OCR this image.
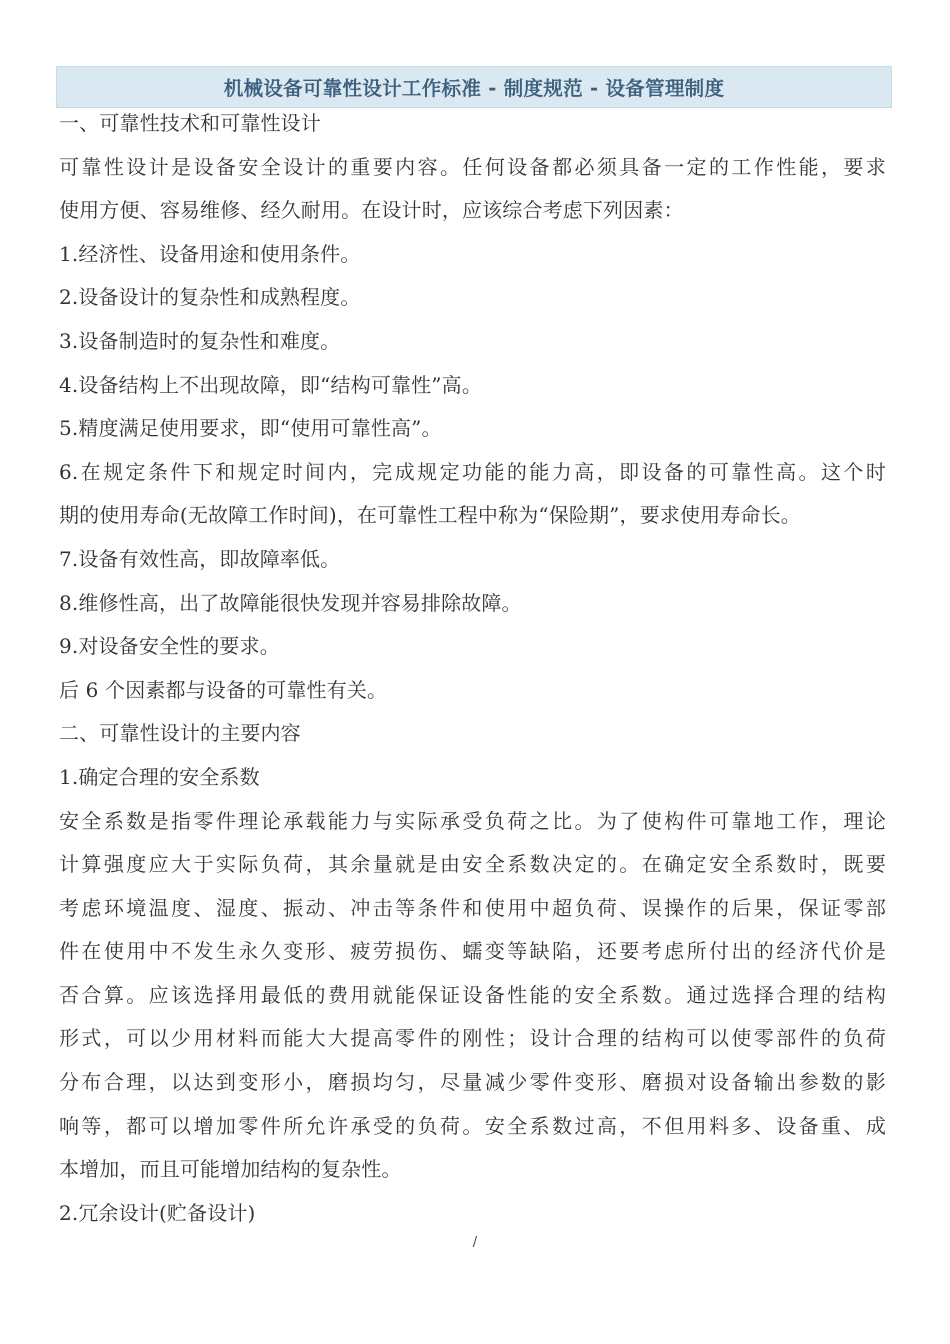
机械设备可靠性设计工作标准 - 制度规范 - 设备管理制度
一、可靠性技术和可靠性设计
可靠性设计是设备安全设计的重要内容。任何设备都必须具备一定的工作性能，要求
使用方便、容易维修、经久耐用。在设计时，应该综合考虑下列因素：
1.经济性、设备用途和使用条件。
2.设备设计的复杂性和成熟程度。
3.设备制造时的复杂性和难度。
4.设备结构上不出现故障，即“结构可靠性”高。
5.精度满足使用要求，即“使用可靠性高”。
6.在规定条件下和规定时间内，完成规定功能的能力高，即设备的可靠性高。这个时
期的使用寿命(无故障工作时间)，在可靠性工程中称为“保险期”，要求使用寿命长。
7.设备有效性高，即故障率低。
8.维修性高，出了故障能很快发现并容易排除故障。
9.对设备安全性的要求。
后 6 个因素都与设备的可靠性有关。
二、可靠性设计的主要内容
1.确定合理的安全系数
安全系数是指零件理论承载能力与实际承受负荷之比。为了使构件可靠地工作，理论
计算强度应大于实际负荷，其余量就是由安全系数决定的。在确定安全系数时，既要
考虑环境温度、湿度、振动、冲击等条件和使用中超负荷、误操作的后果，保证零部
件在使用中不发生永久变形、疲劳损伤、蠕变等缺陷，还要考虑所付出的经济代价是
否合算。应该选择用最低的费用就能保证设备性能的安全系数。通过选择合理的结构
形式，可以少用材料而能大大提高零件的刚性；设计合理的结构可以使零部件的负荷
分布合理，以达到变形小，磨损均匀，尽量减少零件变形、磨损对设备输出参数的影
响等，都可以增加零件所允许承受的负荷。安全系数过高，不但用料多、设备重、成
本增加，而且可能增加结构的复杂性。
2.冗余设计(贮备设计)
/
